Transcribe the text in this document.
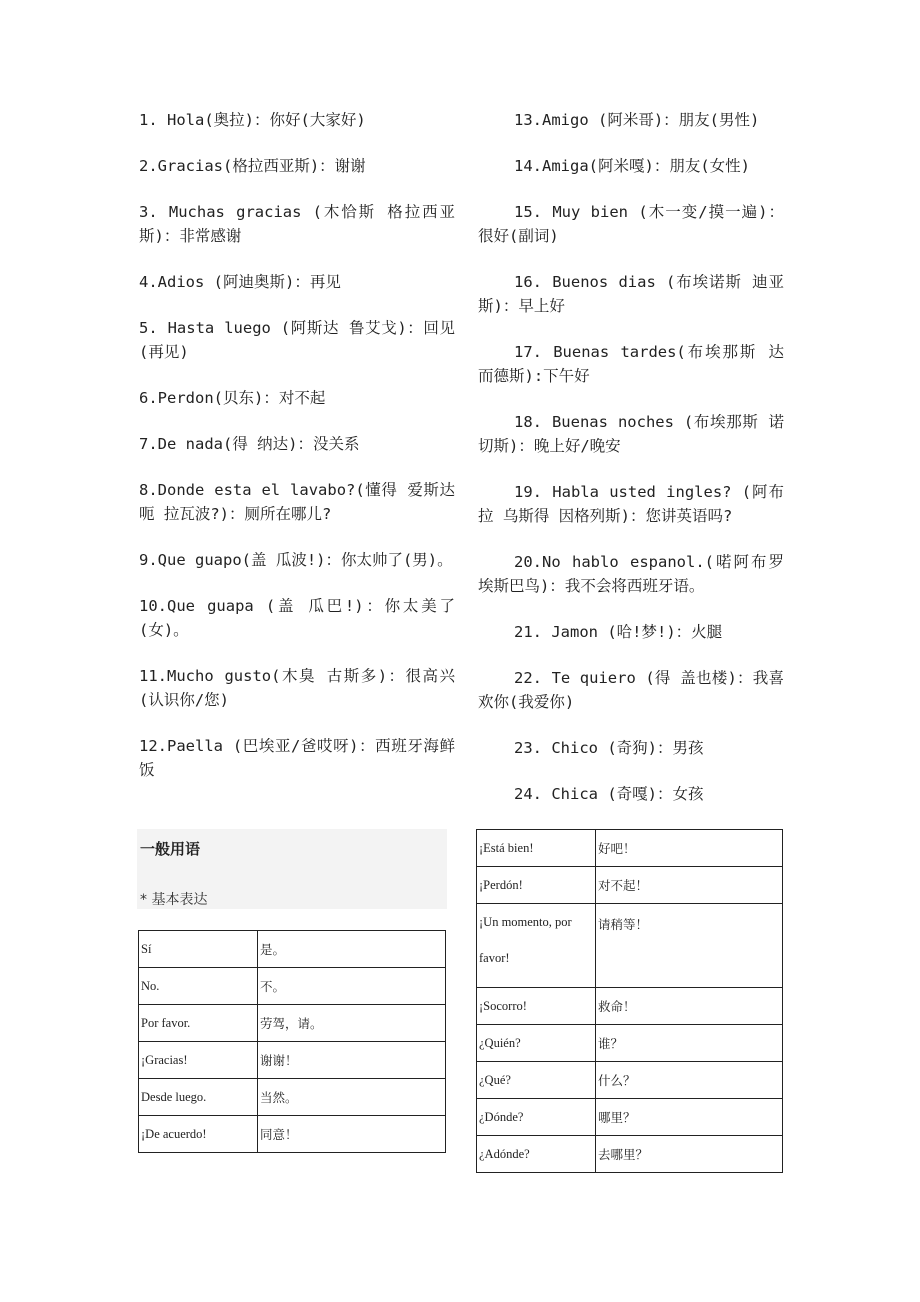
1. Hola(奥拉)：你好(大家好)

2.Gracias(格拉西亚斯)：谢谢

3. Muchas gracias (木恰斯 格拉西亚斯)：非常感谢

4.Adios (阿迪奥斯)：再见

5. Hasta luego (阿斯达 鲁艾戈)：回见(再见)

6.Perdon(贝东)：对不起

7.De nada(得 纳达)：没关系

8.Donde esta el lavabo?(懂得 爱斯达 呃 拉瓦波?)：厕所在哪儿?

9.Que guapo(盖 瓜波!)：你太帅了(男)。

10.Que guapa (盖 瓜巴!)：你太美了(女)。

11.Mucho gusto(木臭 古斯多)：很高兴(认识你/您)

12.Paella (巴埃亚/爸哎呀)：西班牙海鲜饭

13.Amigo (阿米哥)：朋友(男性)

14.Amiga(阿米嘎)：朋友(女性)

15. Muy bien (木一变/摸一遍)：很好(副词)

16. Buenos dias (布埃诺斯 迪亚斯)：早上好

17. Buenas tardes(布埃那斯 达而德斯):下午好

18. Buenas noches (布埃那斯 诺切斯)：晚上好/晚安

19. Habla usted ingles? (阿布拉 乌斯得 因格列斯)：您讲英语吗?

20.No hablo espanol.(喏阿布罗埃斯巴鸟)：我不会将西班牙语。

21. Jamon (哈!梦!)：火腿

22. Te quiero (得 盖也楼)：我喜欢你(我爱你)

23. Chico (奇狗)：男孩

24. Chica (奇嘎)：女孩

一般用语
* 基本表达
Sí	是。
No.	不。
Por favor.	劳驾，请。
¡Gracias!	谢谢！
Desde luego.	当然。
¡De acuerdo!	同意！
¡Está bien!	好吧！
¡Perdón!	对不起！
¡Un momento, por favor!	请稍等！
¡Socorro!	救命！
¿Quién?	谁？
¿Qué?	什么？
¿Dónde?	哪里？
¿Adónde?	去哪里？
